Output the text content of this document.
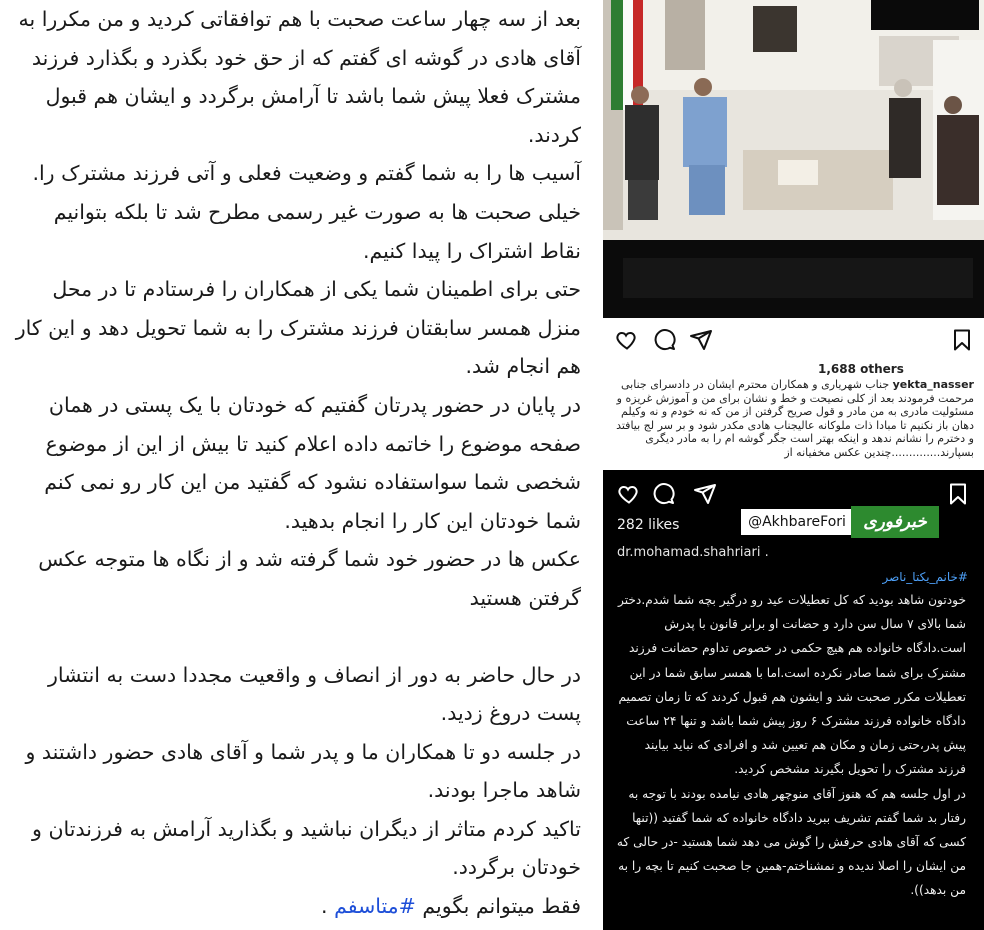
بعد از سه چهار ساعت صحبت با هم توافقاتی کردید و من مکررا به آقای هادی در گوشه ای گفتم که از حق خود بگذرد و بگذارد فرزند مشترک فعلا پیش شما باشد تا آرامش برگردد و ایشان هم قبول کردند.

آسیب ها را به شما گفتم و وضعیت فعلی و آتی فرزند مشترک را.

خیلی صحبت ها به صورت غیر رسمی مطرح شد تا بلکه بتوانیم نقاط اشتراک را پیدا کنیم.

حتی برای اطمینان شما یکی از همکاران را فرستادم تا در محل منزل همسر سابقتان فرزند مشترک را به شما تحویل دهد و این کار هم انجام شد.

در پایان در حضور پدرتان گفتیم که خودتان با یک پستی در همان صفحه موضوع را خاتمه داده اعلام کنید تا بیش از این از موضوع شخصی شما سواستفاده نشود که گفتید من این کار رو نمی کنم شما خودتان این کار را انجام بدهید.

عکس ها در حضور خود شما گرفته شد و از نگاه ها متوجه عکس گرفتن هستید

در حال حاضر به دور از انصاف و واقعیت مجددا دست به انتشار پست دروغ زدید.

در جلسه دو تا همکاران ما و پدر شما و آقای هادی حضور داشتند و شاهد ماجرا بودند.

تاکید کردم متاثر از دیگران نباشید و بگذارید آرامش به فرزندتان و خودتان برگردد.

فقط میتوانم بگویم #متاسفم .

1,688 others
yekta_nasser جناب شهریاری و همکاران محترم ایشان در دادسرای جنابی مرحمت فرمودند بعد از کلی نصیحت و خط و نشان برای من و آموزش غریزه و مسئولیت مادری به من مادر و قول صریح گرفتن از من که نه خودم و نه وکیلم دهان باز نکنیم تا مبادا ذات ملوکانه عالیجناب هادی مکدر شود و بر سر لج بیافتد و دخترم را نشانم ندهد و اینکه بهتر است جگر گوشه ام را به مادر دیگری بسپارند..............چندین عکس مخفیانه از
282 likes	@AkhbareFori	خبرفوری
dr.mohamad.shahriari .
#خانم_یکتا_ناصر

خودتون شاهد بودید که کل تعطیلات عید رو درگیر بچه شما شدم.دختر شما بالای ۷ سال سن دارد و حضانت او برابر قانون با پدرش است.دادگاه خانواده هم هیچ حکمی در خصوص تداوم حضانت فرزند مشترک برای شما صادر نکرده است.اما با همسر سابق شما در این تعطیلات مکرر صحبت شد و ایشون هم قبول کردند که تا زمان تصمیم دادگاه خانواده فرزند مشترک ۶ روز پیش شما باشد و تنها ۲۴ ساعت پیش پدر،حتی زمان و مکان هم تعیین شد و افرادی که نباید بیایند فرزند مشترک را تحویل بگیرند مشخص کردید.

در اول جلسه هم که هنوز آقای منوچهر هادی نیامده بودند با توجه به رفتار بد شما گفتم تشریف ببرید دادگاه خانواده که شما گفتید ((تنها کسی که آقای هادی حرفش را گوش می دهد شما هستید -در حالی که من ایشان را اصلا ندیده و نمشناختم-همین جا صحبت کنیم تا بچه را به من بدهد)).
